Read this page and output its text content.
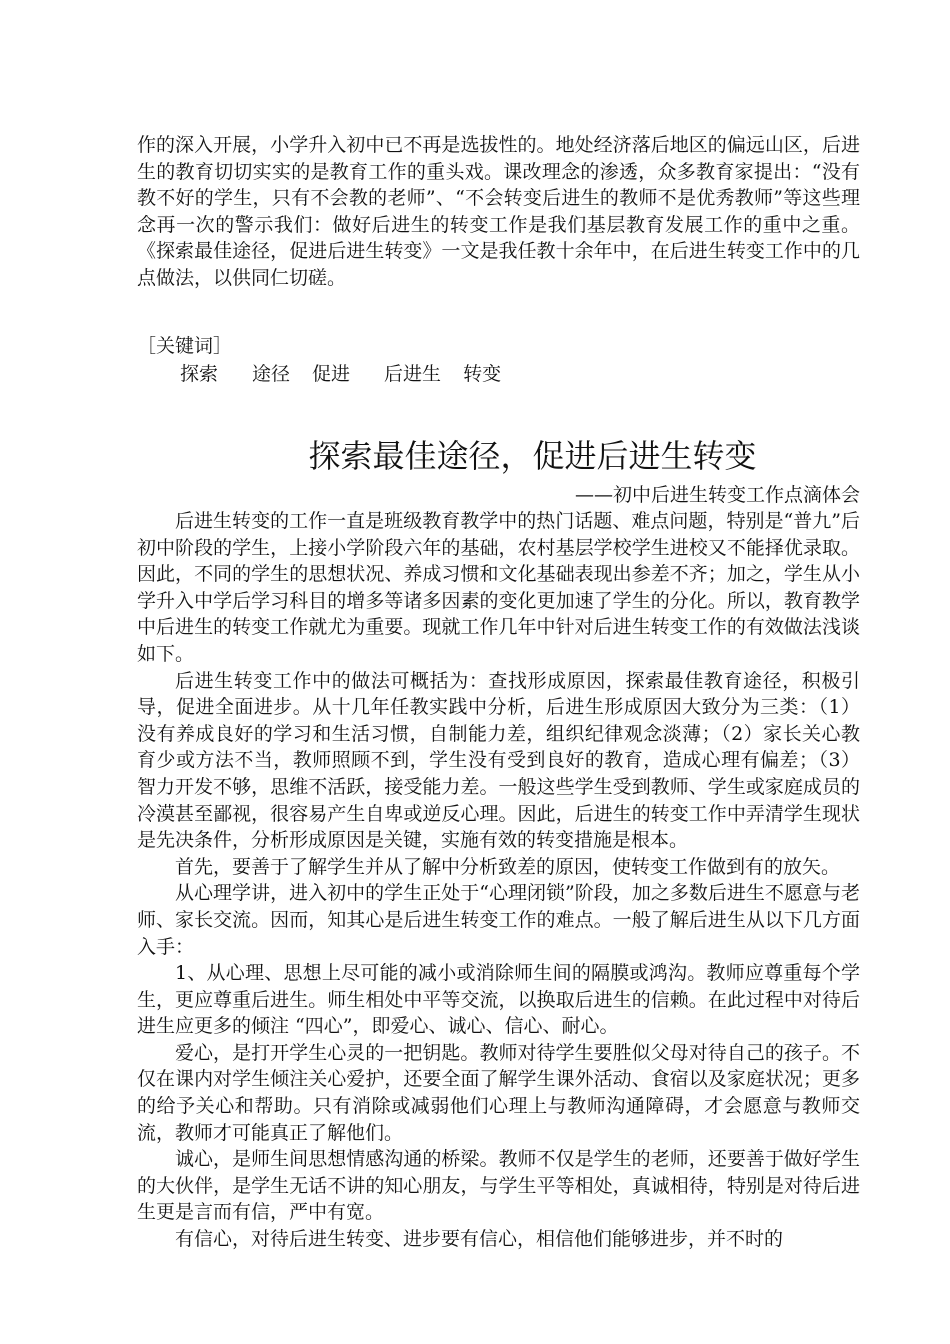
作的深入开展，小学升入初中已不再是选拔性的。地处经济落后地区的偏远山区，后进生的教育切切实实的是教育工作的重头戏。课改理念的渗透，众多教育家提出：“没有教不好的学生，只有不会教的老师”、“不会转变后进生的教师不是优秀教师”等这些理念再一次的警示我们：做好后进生的转变工作是我们基层教育发展工作的重中之重。《探索最佳途径，促进后进生转变》一文是我任教十余年中，在后进生转变工作中的几点做法，以供同仁切磋。

［关键词］
探索 途径 促进 后进生 转变
探索最佳途径，促进后进生转变

——初中后进生转变工作点滴体会

后进生转变的工作一直是班级教育教学中的热门话题、难点问题，特别是“普九”后初中阶段的学生，上接小学阶段六年的基础，农村基层学校学生进校又不能择优录取。因此，不同的学生的思想状况、养成习惯和文化基础表现出参差不齐；加之，学生从小学升入中学后学习科目的增多等诸多因素的变化更加速了学生的分化。所以，教育教学中后进生的转变工作就尤为重要。现就工作几年中针对后进生转变工作的有效做法浅谈如下。

后进生转变工作中的做法可概括为：查找形成原因，探索最佳教育途径，积极引导，促进全面进步。从十几年任教实践中分析，后进生形成原因大致分为三类：（1）没有养成良好的学习和生活习惯，自制能力差，组织纪律观念淡薄；（2）家长关心教育少或方法不当，教师照顾不到，学生没有受到良好的教育，造成心理有偏差；（3）智力开发不够，思维不活跃，接受能力差。一般这些学生受到教师、学生或家庭成员的冷漠甚至鄙视，很容易产生自卑或逆反心理。因此，后进生的转变工作中弄清学生现状是先决条件，分析形成原因是关键，实施有效的转变措施是根本。

首先，要善于了解学生并从了解中分析致差的原因，使转变工作做到有的放矢。

从心理学讲，进入初中的学生正处于“心理闭锁”阶段，加之多数后进生不愿意与老师、家长交流。因而，知其心是后进生转变工作的难点。一般了解后进生从以下几方面入手：

1、从心理、思想上尽可能的减小或消除师生间的隔膜或鸿沟。教师应尊重每个学生，更应尊重后进生。师生相处中平等交流，以换取后进生的信赖。在此过程中对待后进生应更多的倾注 “四心”，即爱心、诚心、信心、耐心。

爱心，是打开学生心灵的一把钥匙。教师对待学生要胜似父母对待自己的孩子。不仅在课内对学生倾注关心爱护，还要全面了解学生课外活动、食宿以及家庭状况；更多的给予关心和帮助。只有消除或减弱他们心理上与教师沟通障碍，才会愿意与教师交流，教师才可能真正了解他们。

诚心，是师生间思想情感沟通的桥梁。教师不仅是学生的老师，还要善于做好学生的大伙伴，是学生无话不讲的知心朋友，与学生平等相处，真诚相待，特别是对待后进生更是言而有信，严中有宽。

有信心，对待后进生转变、进步要有信心，相信他们能够进步，并不时的
